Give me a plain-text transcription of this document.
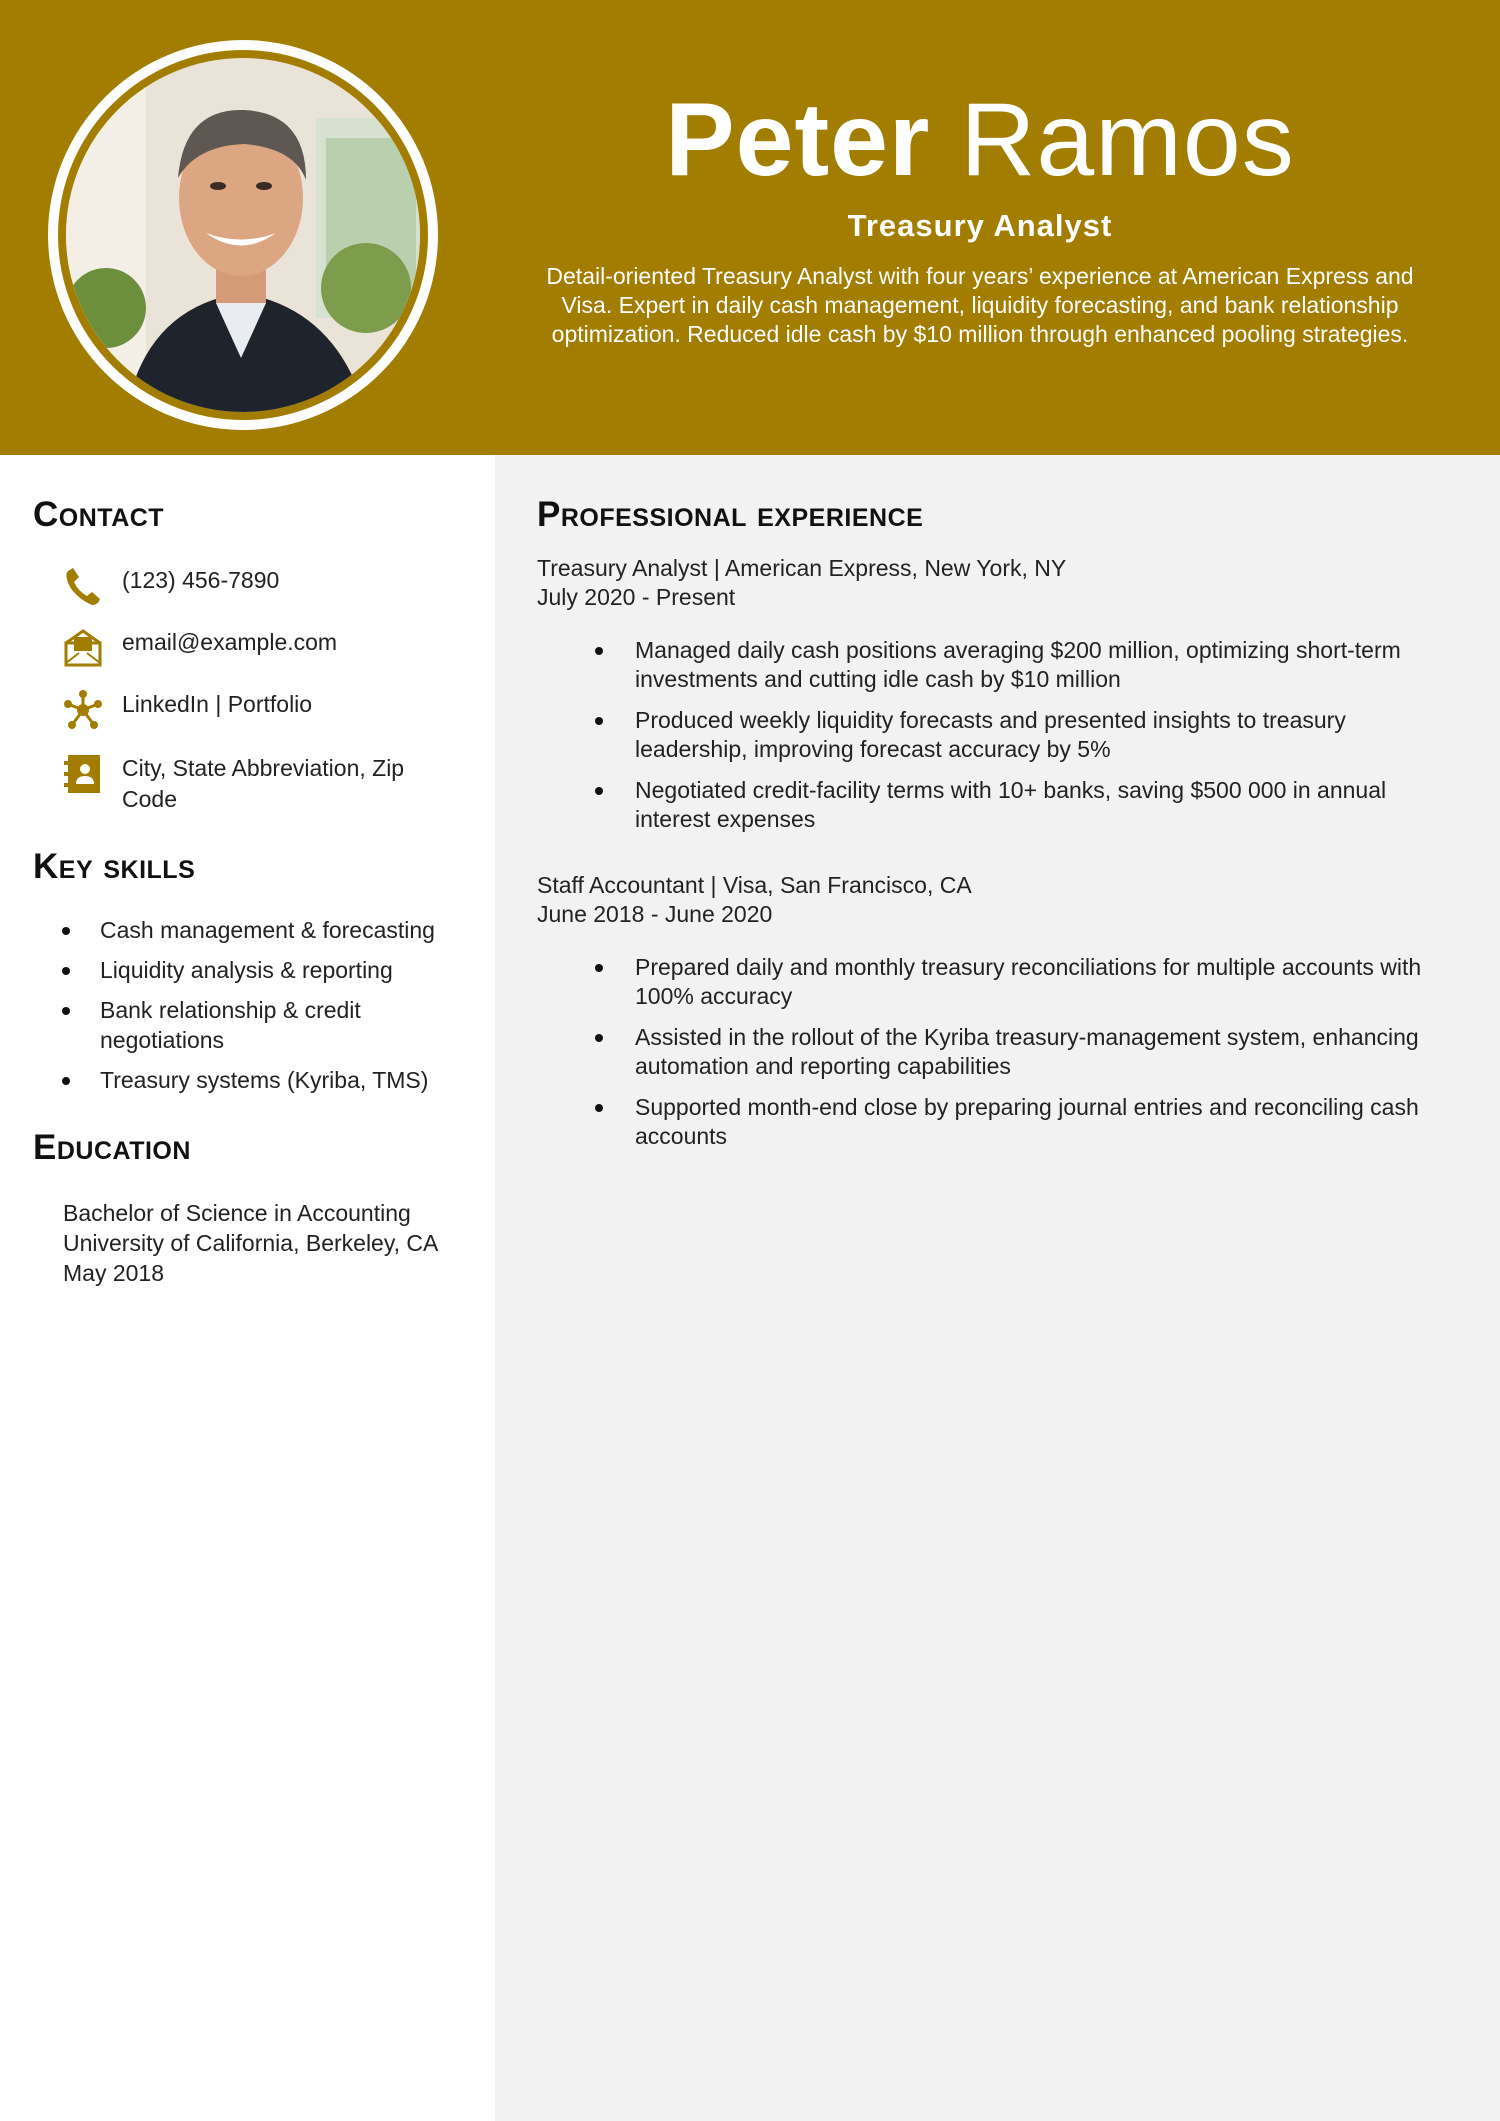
Peter Ramos
Treasury Analyst
Detail-oriented Treasury Analyst with four years’ experience at American Express and Visa. Expert in daily cash management, liquidity forecasting, and bank relationship optimization. Reduced idle cash by $10 million through enhanced pooling strategies.
Contact
(123) 456-7890
email@example.com
LinkedIn | Portfolio
City, State Abbreviation, Zip Code
Key skills
Cash management & forecasting
Liquidity analysis & reporting
Bank relationship & credit negotiations
Treasury systems (Kyriba, TMS)
Education
Bachelor of Science in Accounting
University of California, Berkeley, CA
May 2018
Professional experience
Treasury Analyst | American Express, New York, NY
July 2020 - Present
Managed daily cash positions averaging $200 million, optimizing short-term investments and cutting idle cash by $10 million
Produced weekly liquidity forecasts and presented insights to treasury leadership, improving forecast accuracy by 5%
Negotiated credit-facility terms with 10+ banks, saving $500 000 in annual interest expenses
Staff Accountant | Visa, San Francisco, CA
June 2018 - June 2020
Prepared daily and monthly treasury reconciliations for multiple accounts with 100% accuracy
Assisted in the rollout of the Kyriba treasury-management system, enhancing automation and reporting capabilities
Supported month-end close by preparing journal entries and reconciling cash accounts
